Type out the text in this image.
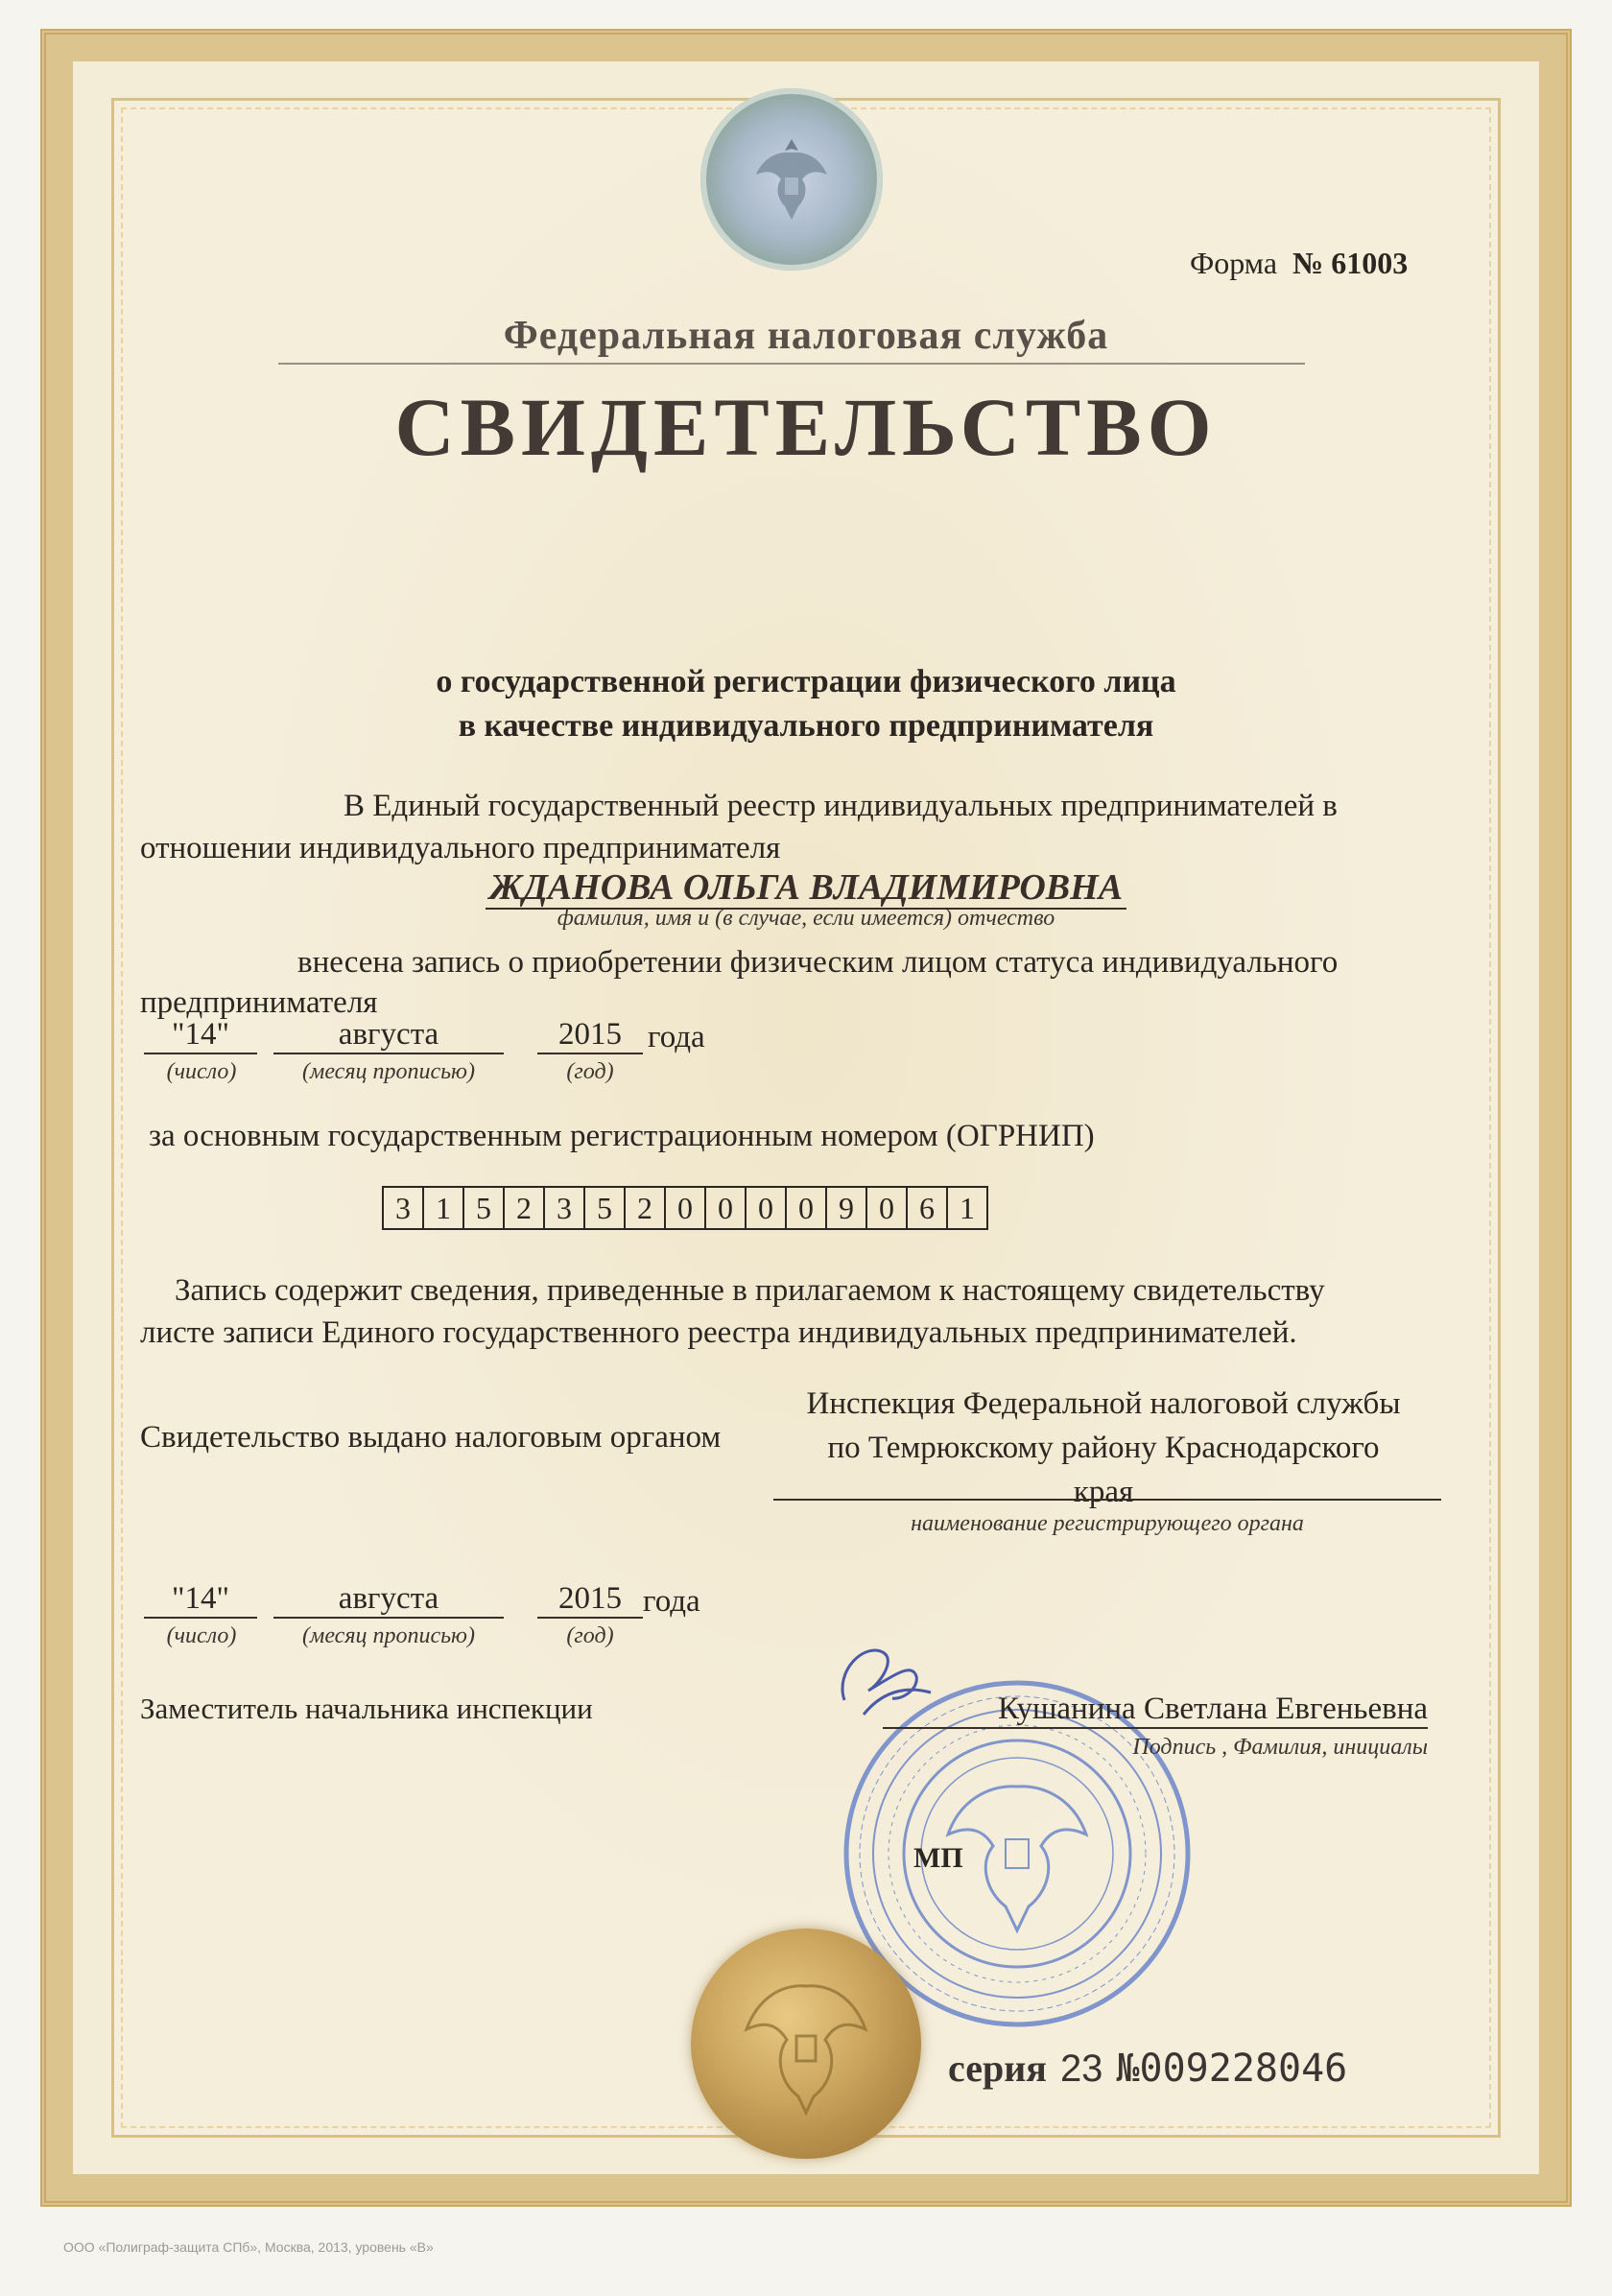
Форма № 61003
Федеральная налоговая служба
СВИДЕТЕЛЬСТВО
о государственной регистрации физического лица
в качестве индивидуального предпринимателя
В Единый государственный реестр индивидуальных предпринимателей в
отношении индивидуального предпринимателя
ЖДАНОВА ОЛЬГА ВЛАДИМИРОВНА
фамилия, имя и (в случае, если имеется) отчество
внесена запись о приобретении физическим лицом статуса индивидуального
предпринимателя
"14"	августа	2015 года
(число)	(месяц прописью)	(год)
за основным государственным регистрационным номером (ОГРНИП)
3 1 5 2 3 5 2 0 0 0 0 9 0 6 1
Запись содержит сведения, приведенные в прилагаемом к настоящему свидетельству
листе записи Единого государственного реестра индивидуальных предпринимателей.
Свидетельство выдано налоговым органом
Инспекция Федеральной налоговой службы
по Темрюкскому району Краснодарского
края
наименование регистрирующего органа
"14"	августа	2015 года
(число)	(месяц прописью)	(год)
Заместитель начальника инспекции
МП
Кушанина Светлана Евгеньевна
Подпись , Фамилия, инициалы
серия 23 №009228046
ООО «Полиграф-защита СПб», Москва, 2013, уровень «В»
